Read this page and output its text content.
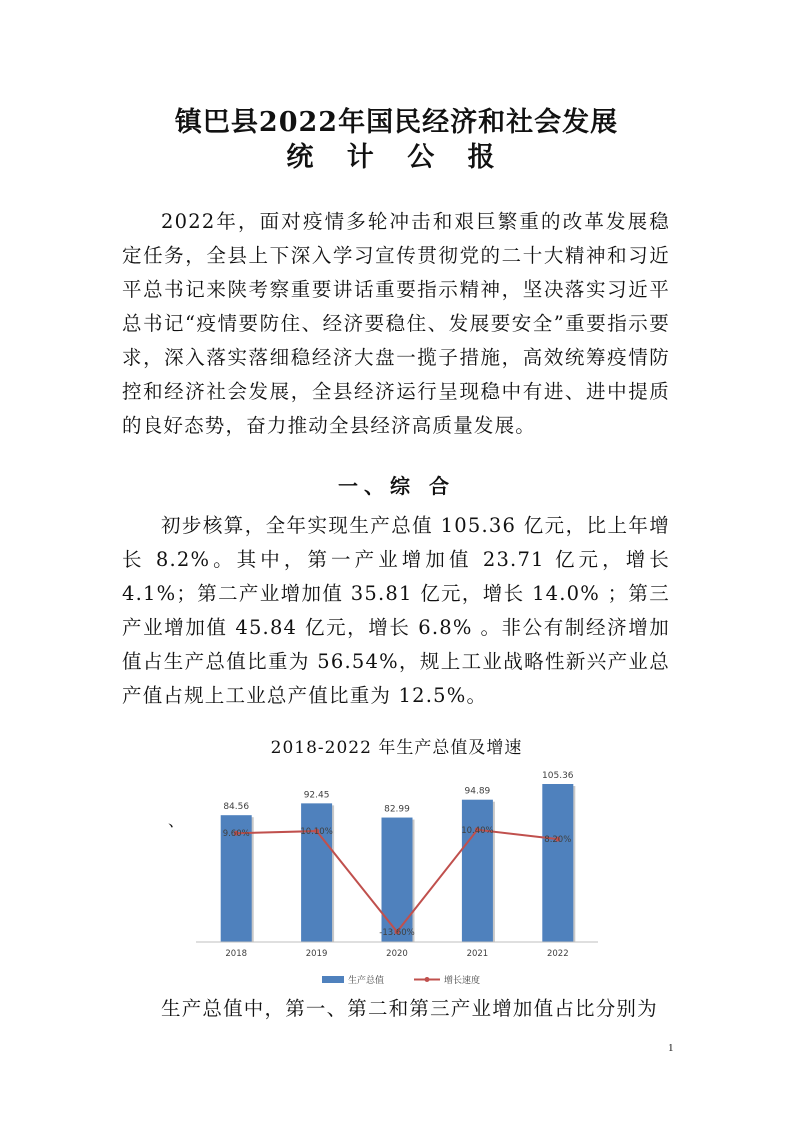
镇巴县2022年国民经济和社会发展
统 计 公 报

2022年，面对疫情多轮冲击和艰巨繁重的改革发展稳定任务，全县上下深入学习宣传贯彻党的二十大精神和习近平总书记来陕考察重要讲话重要指示精神，坚决落实习近平总书记“疫情要防住、经济要稳住、发展要安全”重要指示要求，深入落实落细稳经济大盘一揽子措施，高效统筹疫情防控和经济社会发展，全县经济运行呈现稳中有进、进中提质的良好态势，奋力推动全县经济高质量发展。

一、综 合

初步核算，全年实现生产总值 105.36 亿元，比上年增长 8.2%。其中，第一产业增加值 23.71 亿元，增长 4.1%；第二产业增加值 35.81 亿元，增长 14.0% ；第三产业增加值 45.84 亿元，增长 6.8% 。非公有制经济增加值占生产总值比重为 56.54%，规上工业战略性新兴产业总产值占规上工业总产值比重为 12.5%。

2018-2022 年生产总值及增速
、
84.56
92.45
82.99
94.89
105.36
9.60%	10.10%
-13.60%
10.40%
8.20%
2018	2019	2020	2021	2022
生产总值	增长速度

生产总值中，第一、第二和第三产业增加值占比分别为

1
